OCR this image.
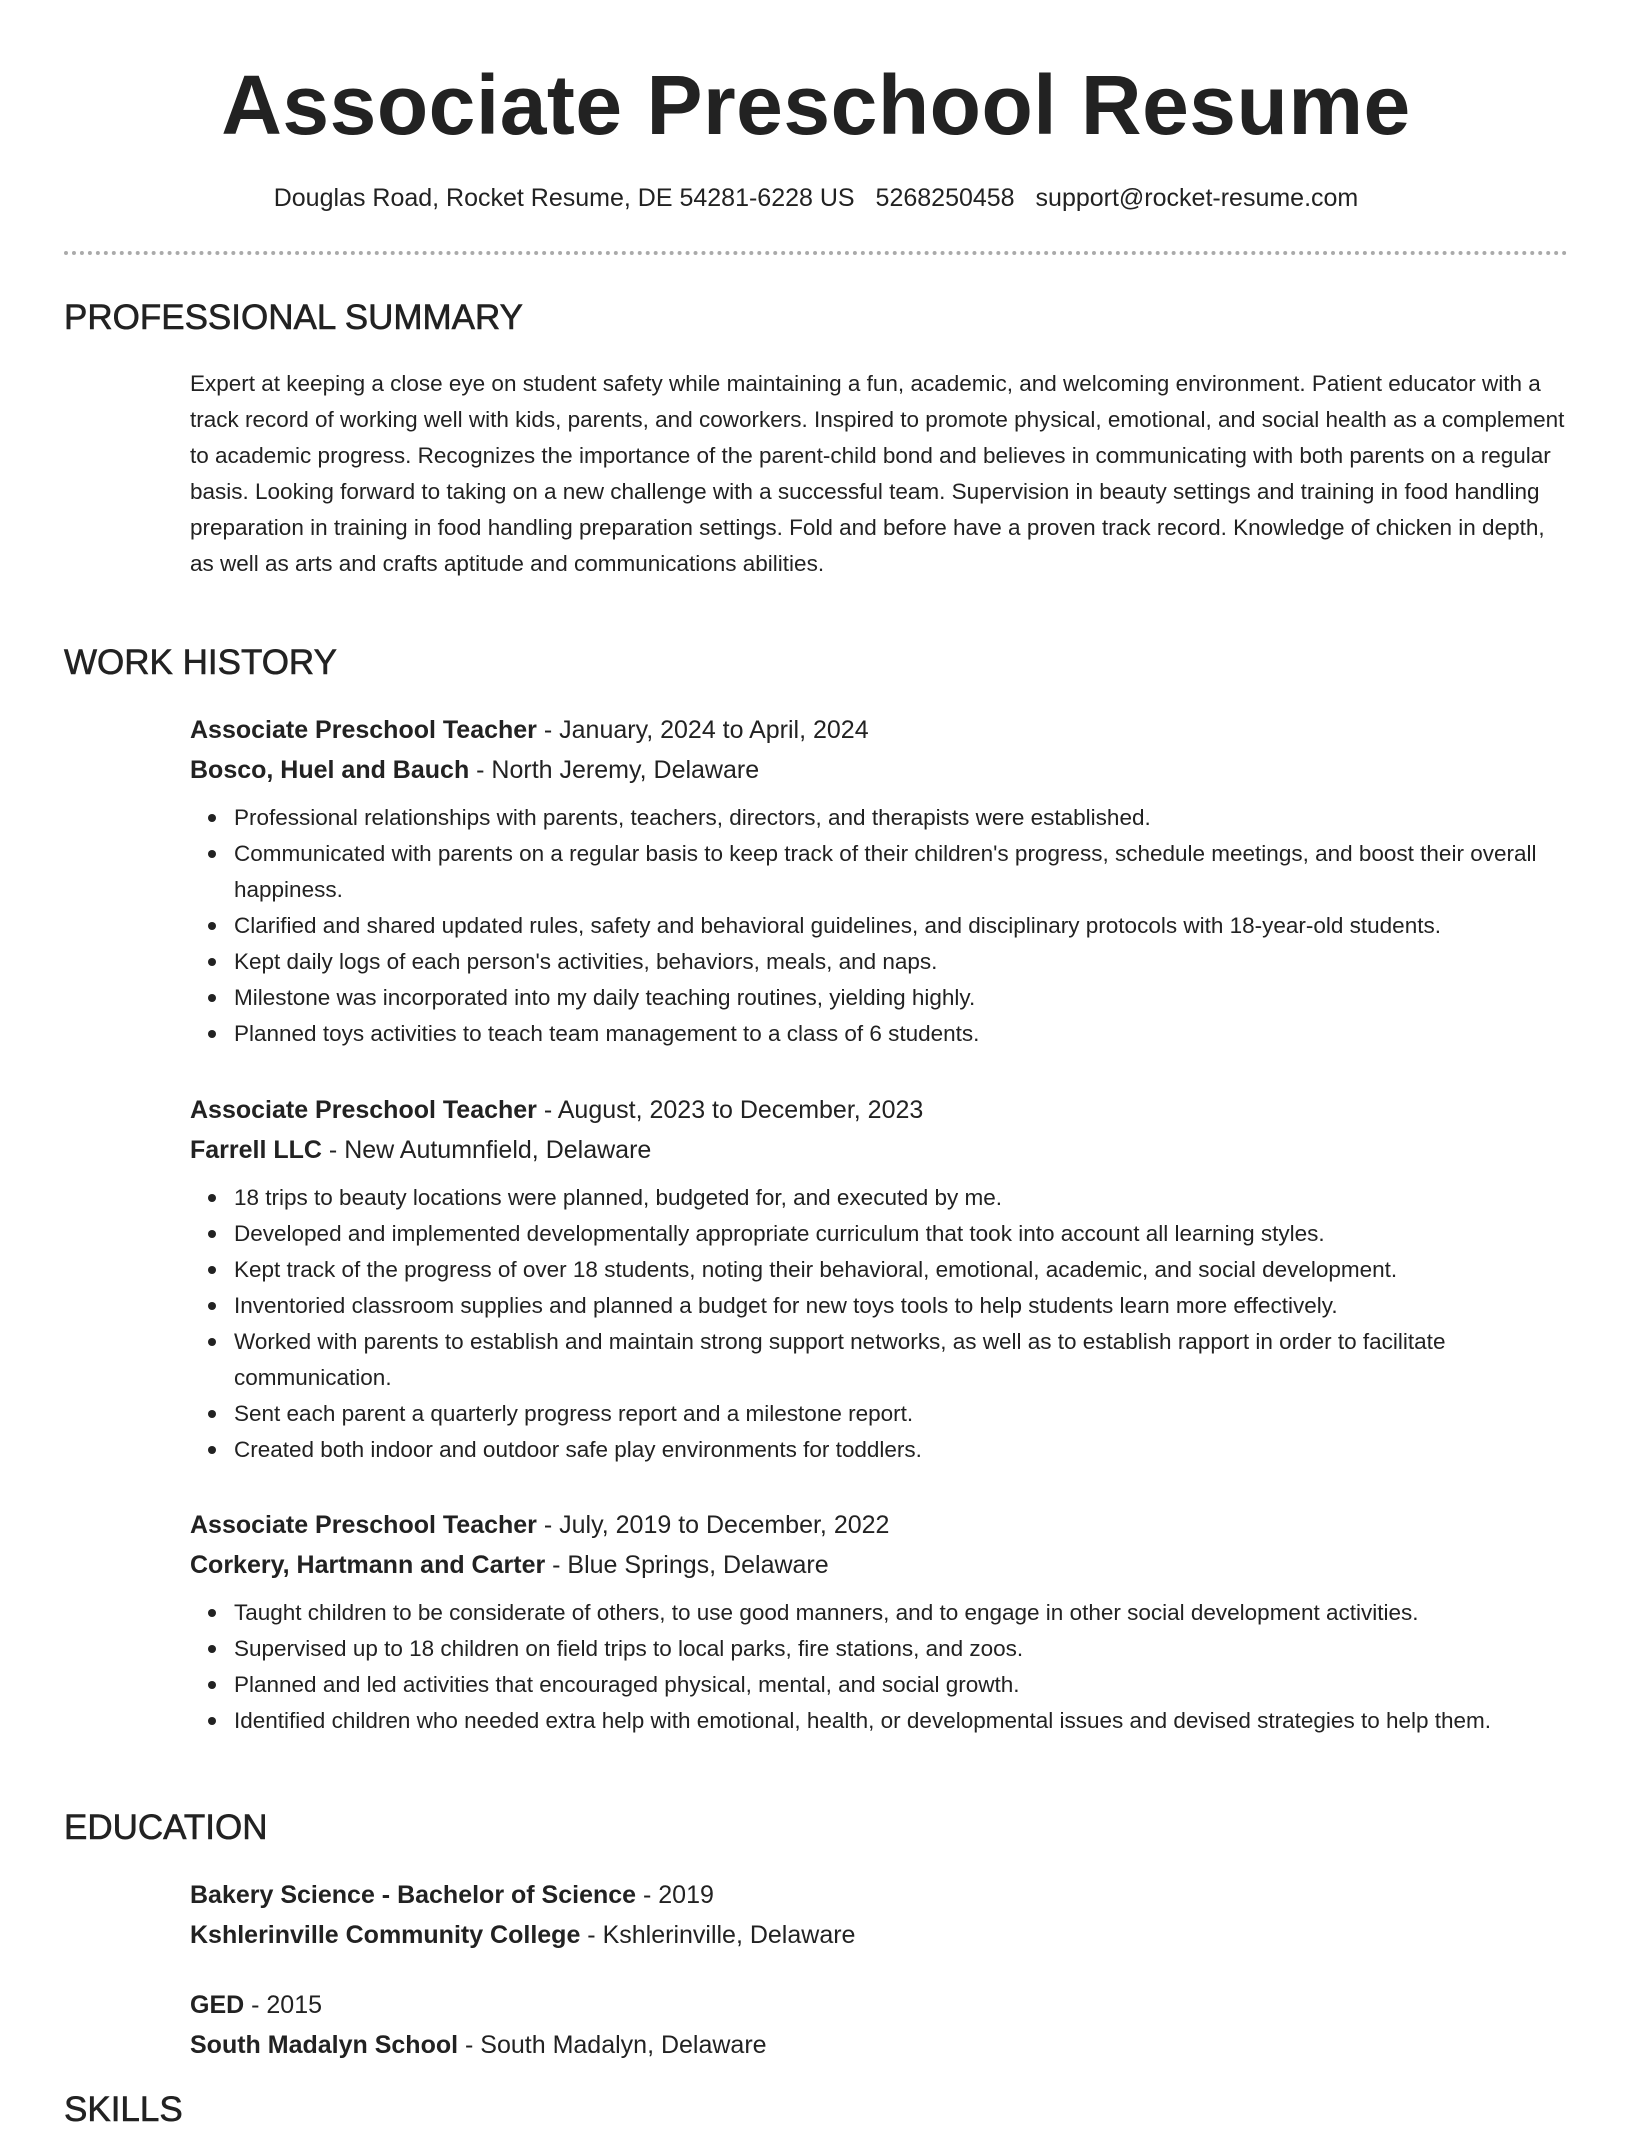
Associate Preschool Resume
Douglas Road, Rocket Resume, DE 54281-6228 US 5268250458 support@rocket-resume.com
PROFESSIONAL SUMMARY

Expert at keeping a close eye on student safety while maintaining a fun, academic, and welcoming environment. Patient educator with a track record of working well with kids, parents, and coworkers. Inspired to promote physical, emotional, and social health as a complement to academic progress. Recognizes the importance of the parent-child bond and believes in communicating with both parents on a regular basis. Looking forward to taking on a new challenge with a successful team. Supervision in beauty settings and training in food handling preparation in training in food handling preparation settings. Fold and before have a proven track record. Knowledge of chicken in depth, as well as arts and crafts aptitude and communications abilities.

WORK HISTORY
Associate Preschool Teacher - January, 2024 to April, 2024
Bosco, Huel and Bauch - North Jeremy, Delaware
Professional relationships with parents, teachers, directors, and therapists were established.
Communicated with parents on a regular basis to keep track of their children's progress, schedule meetings, and boost their overall happiness.
Clarified and shared updated rules, safety and behavioral guidelines, and disciplinary protocols with 18-year-old students.
Kept daily logs of each person's activities, behaviors, meals, and naps.
Milestone was incorporated into my daily teaching routines, yielding highly.
Planned toys activities to teach team management to a class of 6 students.
Associate Preschool Teacher - August, 2023 to December, 2023
Farrell LLC - New Autumnfield, Delaware
18 trips to beauty locations were planned, budgeted for, and executed by me.
Developed and implemented developmentally appropriate curriculum that took into account all learning styles.
Kept track of the progress of over 18 students, noting their behavioral, emotional, academic, and social development.
Inventoried classroom supplies and planned a budget for new toys tools to help students learn more effectively.
Worked with parents to establish and maintain strong support networks, as well as to establish rapport in order to facilitate communication.
Sent each parent a quarterly progress report and a milestone report.
Created both indoor and outdoor safe play environments for toddlers.
Associate Preschool Teacher - July, 2019 to December, 2022
Corkery, Hartmann and Carter - Blue Springs, Delaware
Taught children to be considerate of others, to use good manners, and to engage in other social development activities.
Supervised up to 18 children on field trips to local parks, fire stations, and zoos.
Planned and led activities that encouraged physical, mental, and social growth.
Identified children who needed extra help with emotional, health, or developmental issues and devised strategies to help them.
EDUCATION
Bakery Science - Bachelor of Science - 2019
Kshlerinville Community College - Kshlerinville, Delaware
GED - 2015
South Madalyn School - South Madalyn, Delaware
SKILLS
